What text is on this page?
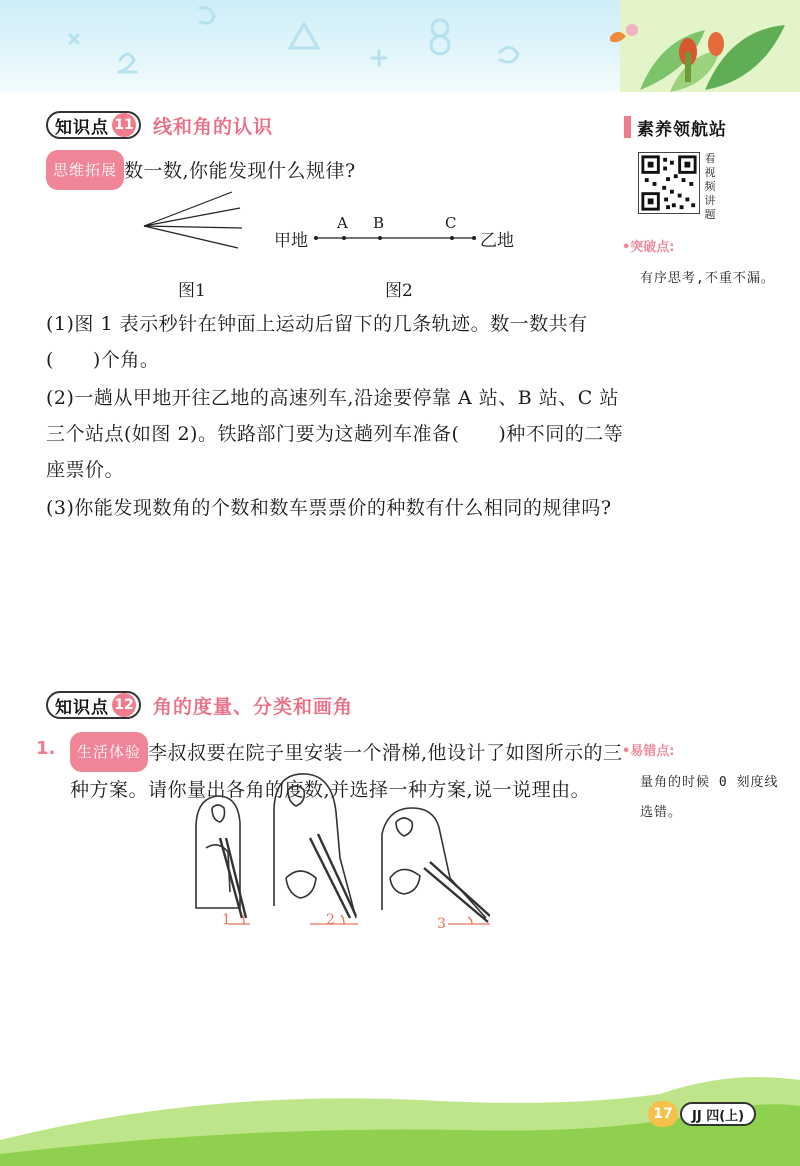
知识点 11 线和角的认识
思维拓展 数一数,你能发现什么规律?
甲地
A B	C
乙地
图1	图2
(1)图 1 表示秒针在钟面上运动后留下的几条轨迹。数一数共有(　　)个角。
(2)一趟从甲地开往乙地的高速列车,沿途要停靠 A 站、B 站、C 站三个站点(如图 2)。铁路部门要为这趟列车准备(　　)种不同的二等座票价。
(3)你能发现数角的个数和数车票票价的种数有什么相同的规律吗?
知识点 12 角的度量、分类和画角
1.	生活体验 李叔叔要在院子里安装一个滑梯,他设计了如图所示的三种方案。请你量出各角的度数,并选择一种方案,说一说理由。
1	2	3
素养领航站
看视频讲题
•突破点:
有序思考,不重不漏。
•易错点:
量角的时候 0 刻度线选错。
17	JJ 四(上)
